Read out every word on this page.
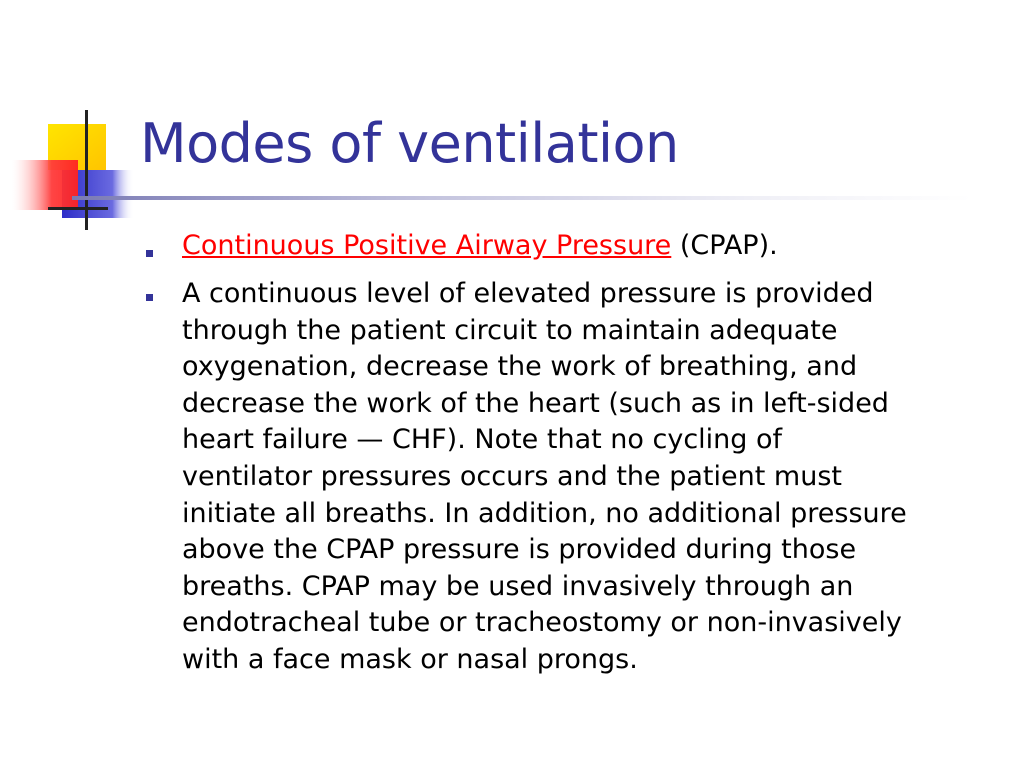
Modes of ventilation
Continuous Positive Airway Pressure (CPAP).
A continuous level of elevated pressure is provided
through the patient circuit to maintain adequate
oxygenation, decrease the work of breathing, and
decrease the work of the heart (such as in left-sided
heart failure — CHF). Note that no cycling of
ventilator pressures occurs and the patient must
initiate all breaths. In addition, no additional pressure
above the CPAP pressure is provided during those
breaths. CPAP may be used invasively through an
endotracheal tube or tracheostomy or non-invasively
with a face mask or nasal prongs.
